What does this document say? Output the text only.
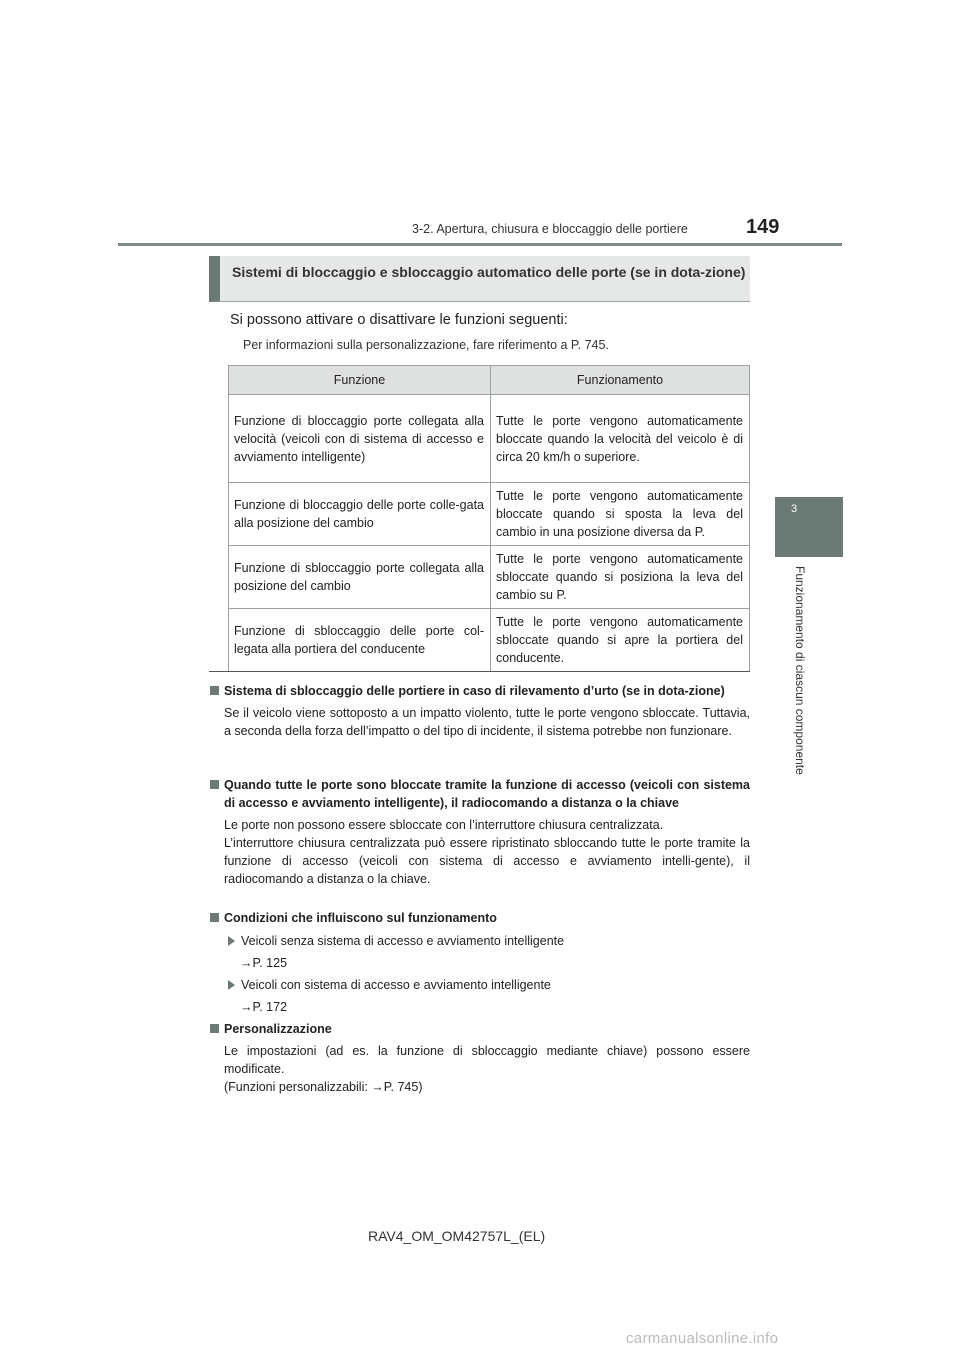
3-2. Apertura, chiusura e bloccaggio delle portiere	149
3
Funzionamento di ciascun componente
Sistemi di bloccaggio e sbloccaggio automatico delle porte (se in dota-zione)
Si possono attivare o disattivare le funzioni seguenti:
Per informazioni sulla personalizzazione, fare riferimento a P. 745.
Funzione	Funzionamento
Funzione di bloccaggio porte collegata alla velocità (veicoli con di sistema di accesso e avviamento intelligente)	Tutte le porte vengono automaticamente bloccate quando la velocità del veicolo è di circa 20 km/h o superiore.
Funzione di bloccaggio delle porte colle-gata alla posizione del cambio	Tutte le porte vengono automaticamente bloccate quando si sposta la leva del cambio in una posizione diversa da P.
Funzione di sbloccaggio porte collegata alla posizione del cambio	Tutte le porte vengono automaticamente sbloccate quando si posiziona la leva del cambio su P.
Funzione di sbloccaggio delle porte col-legata alla portiera del conducente	Tutte le porte vengono automaticamente sbloccate quando si apre la portiera del conducente.
Sistema di sbloccaggio delle portiere in caso di rilevamento d’urto (se in dota-zione)
Se il veicolo viene sottoposto a un impatto violento, tutte le porte vengono sbloccate. Tuttavia, a seconda della forza dell’impatto o del tipo di incidente, il sistema potrebbe non funzionare.
Quando tutte le porte sono bloccate tramite la funzione di accesso (veicoli con sistema di accesso e avviamento intelligente), il radiocomando a distanza o la chiave
Le porte non possono essere sbloccate con l’interruttore chiusura centralizzata.
L’interruttore chiusura centralizzata può essere ripristinato sbloccando tutte le porte tramite la funzione di accesso (veicoli con sistema di accesso e avviamento intelli-gente), il radiocomando a distanza o la chiave.
Condizioni che influiscono sul funzionamento
Veicoli senza sistema di accesso e avviamento intelligente
→P. 125
Veicoli con sistema di accesso e avviamento intelligente
→P. 172
Personalizzazione
Le impostazioni (ad es. la funzione di sbloccaggio mediante chiave) possono essere modificate.
(Funzioni personalizzabili: →P. 745)
RAV4_OM_OM42757L_(EL)
carmanualsonline.info
